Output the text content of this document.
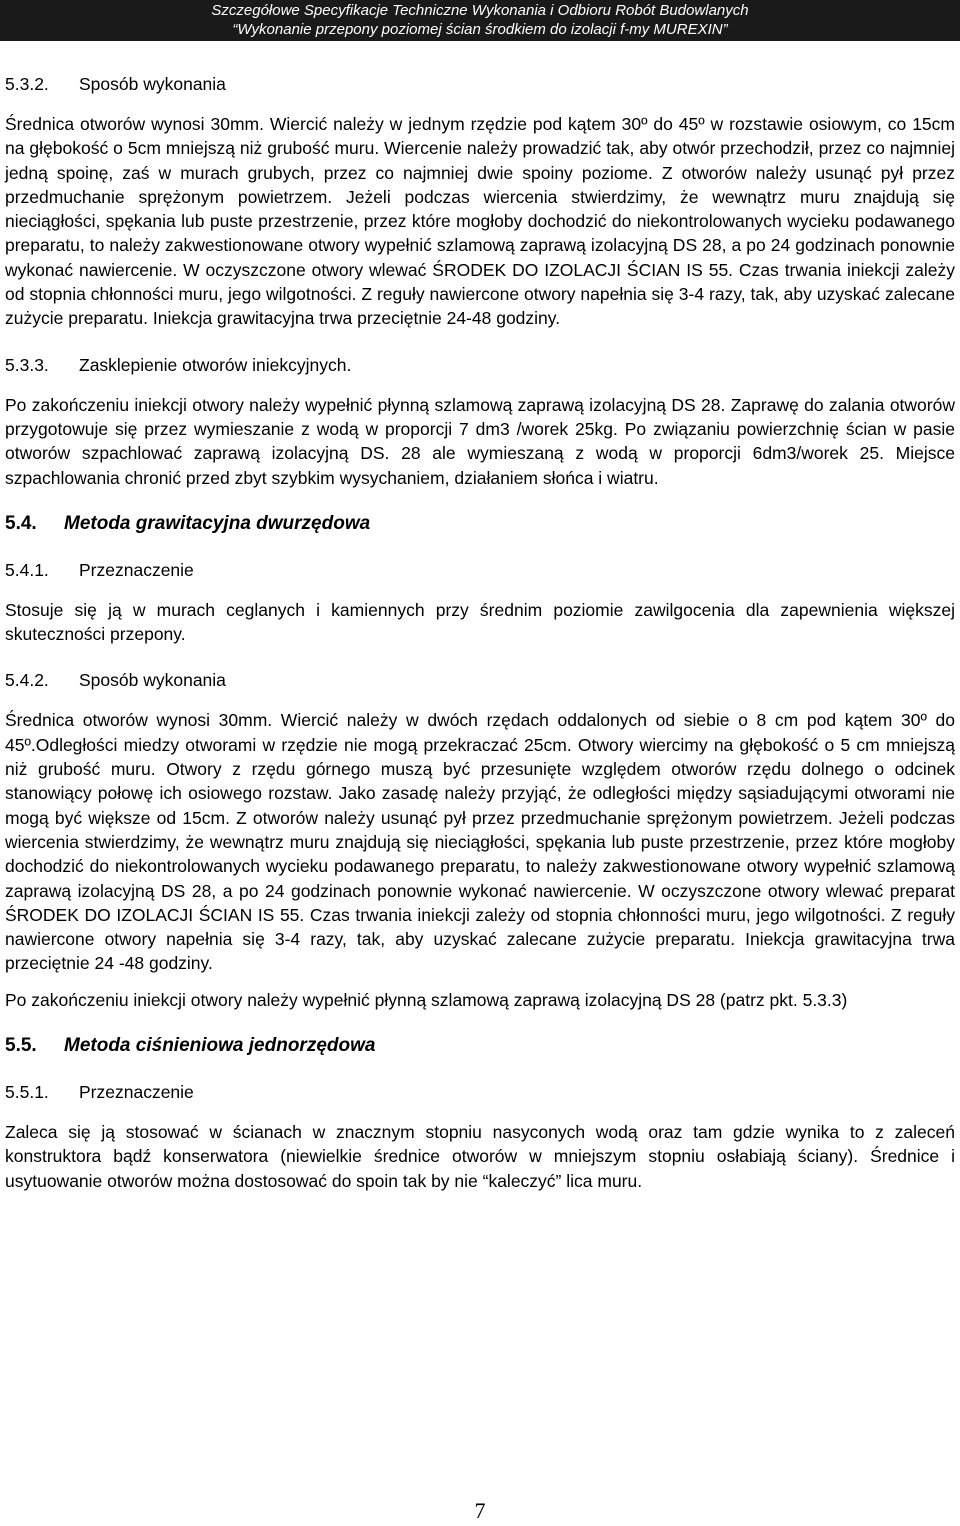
Szczegółowe Specyfikacje Techniczne Wykonania i Odbioru Robót Budowlanych
“Wykonanie przepony poziomej ścian środkiem do izolacji f-my MUREXIN”
5.3.2. Sposób wykonania
Średnica otworów wynosi 30mm. Wiercić należy w jednym rzędzie pod kątem 30º do 45º w rozstawie osiowym, co 15cm na głębokość o 5cm mniejszą niż grubość muru. Wiercenie należy prowadzić tak, aby otwór przechodził, przez co najmniej jedną spoinę, zaś w murach grubych, przez co najmniej dwie spoiny poziome. Z otworów należy usunąć pył przez przedmuchanie sprężonym powietrzem. Jeżeli podczas wiercenia stwierdzimy, że wewnątrz muru znajdują się nieciągłości, spękania lub puste przestrzenie, przez które mogłoby dochodzić do niekontrolowanych wycieku podawanego preparatu, to należy zakwestionowane otwory wypełnić szlamową zaprawą izolacyjną DS 28, a po 24 godzinach ponownie wykonać nawiercenie. W oczyszczone otwory wlewać ŚRODEK DO IZOLACJI ŚCIAN IS 55. Czas trwania iniekcji zależy od stopnia chłonności muru, jego wilgotności. Z reguły nawiercone otwory napełnia się 3-4 razy, tak, aby uzyskać zalecane zużycie preparatu. Iniekcja grawitacyjna trwa przeciętnie 24-48 godziny.
5.3.3. Zasklepienie otworów iniekcyjnych.
Po zakończeniu iniekcji otwory należy wypełnić płynną szlamową zaprawą izolacyjną DS 28. Zaprawę do zalania otworów przygotowuje się przez wymieszanie z wodą w proporcji 7 dm3 /worek 25kg. Po związaniu powierzchnię ścian w pasie otworów szpachlować zaprawą izolacyjną DS. 28 ale wymieszaną z wodą w proporcji 6dm3/worek 25. Miejsce szpachlowania chronić przed zbyt szybkim wysychaniem, działaniem słońca i wiatru.
5.4. Metoda grawitacyjna dwurzędowa
5.4.1. Przeznaczenie
Stosuje się ją w murach ceglanych i kamiennych przy średnim poziomie zawilgocenia dla zapewnienia większej skuteczności przepony.
5.4.2. Sposób wykonania
Średnica otworów wynosi 30mm. Wiercić należy w dwóch rzędach oddalonych od siebie o 8 cm pod kątem 30º do 45º.Odległości miedzy otworami w rzędzie nie mogą przekraczać 25cm. Otwory wiercimy na głębokość o 5 cm mniejszą niż grubość muru. Otwory z rzędu górnego muszą być przesunięte względem otworów rzędu dolnego o odcinek stanowiący połowę ich osiowego rozstaw. Jako zasadę należy przyjąć, że odległości między sąsiadującymi otworami nie mogą być większe od 15cm. Z otworów należy usunąć pył przez przedmuchanie sprężonym powietrzem. Jeżeli podczas wiercenia stwierdzimy, że wewnątrz muru znajdują się nieciągłości, spękania lub puste przestrzenie, przez które mogłoby dochodzić do niekontrolowanych wycieku podawanego preparatu, to należy zakwestionowane otwory wypełnić szlamową zaprawą izolacyjną DS 28, a po 24 godzinach ponownie wykonać nawiercenie. W oczyszczone otwory wlewać preparat ŚRODEK DO IZOLACJI ŚCIAN IS 55. Czas trwania iniekcji zależy od stopnia chłonności muru, jego wilgotności. Z reguły nawiercone otwory napełnia się 3-4 razy, tak, aby uzyskać zalecane zużycie preparatu. Iniekcja grawitacyjna trwa przeciętnie 24 -48 godziny.
Po zakończeniu iniekcji otwory należy wypełnić płynną szlamową zaprawą izolacyjną DS 28 (patrz pkt. 5.3.3)
5.5. Metoda ciśnieniowa jednorzędowa
5.5.1. Przeznaczenie
Zaleca się ją stosować w ścianach w znacznym stopniu nasyconych wodą oraz tam gdzie wynika to z zaleceń konstruktora bądź konserwatora (niewielkie średnice otworów w mniejszym stopniu osłabiają ściany). Średnice i usytuowanie otworów można dostosować do spoin tak by nie “kaleczyć” lica muru.
7
